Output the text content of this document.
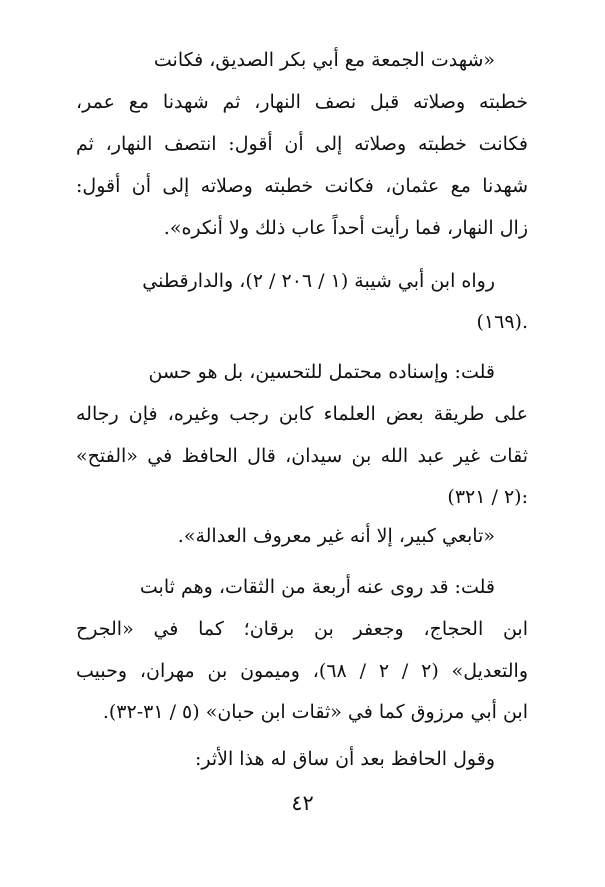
«شهدت الجمعة مع أبي بكر الصديق، فكانت
خطبته وصلاته قبل نصف النهار، ثم شهدنا مع عمر،
فكانت خطبته وصلاته إلى أن أقول: انتصف النهار، ثم
شهدنا مع عثمان، فكانت خطبته وصلاته إلى أن أقول:
زال النهار، فما رأيت أحداً عاب ذلك ولا أنكره».
رواه ابن أبي شيبة (١ / ٢٠٦ / ٢)، والدارقطني
(١٦٩).
قلت: وإسناده محتمل للتحسين، بل هو حسن
على طريقة بعض العلماء كابن رجب وغيره، فإن رجاله
ثقات غير عبد الله بن سيدان، قال الحافظ في «الفتح»
(٢ / ٣٢١):
«تابعي كبير، إلا أنه غير معروف العدالة».
قلت: قد روى عنه أربعة من الثقات، وهم ثابت
ابن الحجاج، وجعفر بن برقان؛ كما في «الجرح
والتعديل» (٢ / ٢ / ٦٨)، وميمون بن مهران، وحبيب
ابن أبي مرزوق كما في «ثقات ابن حبان» (٥ / ٣١-٣٢).
وقول الحافظ بعد أن ساق له هذا الأثر:
٤٢
